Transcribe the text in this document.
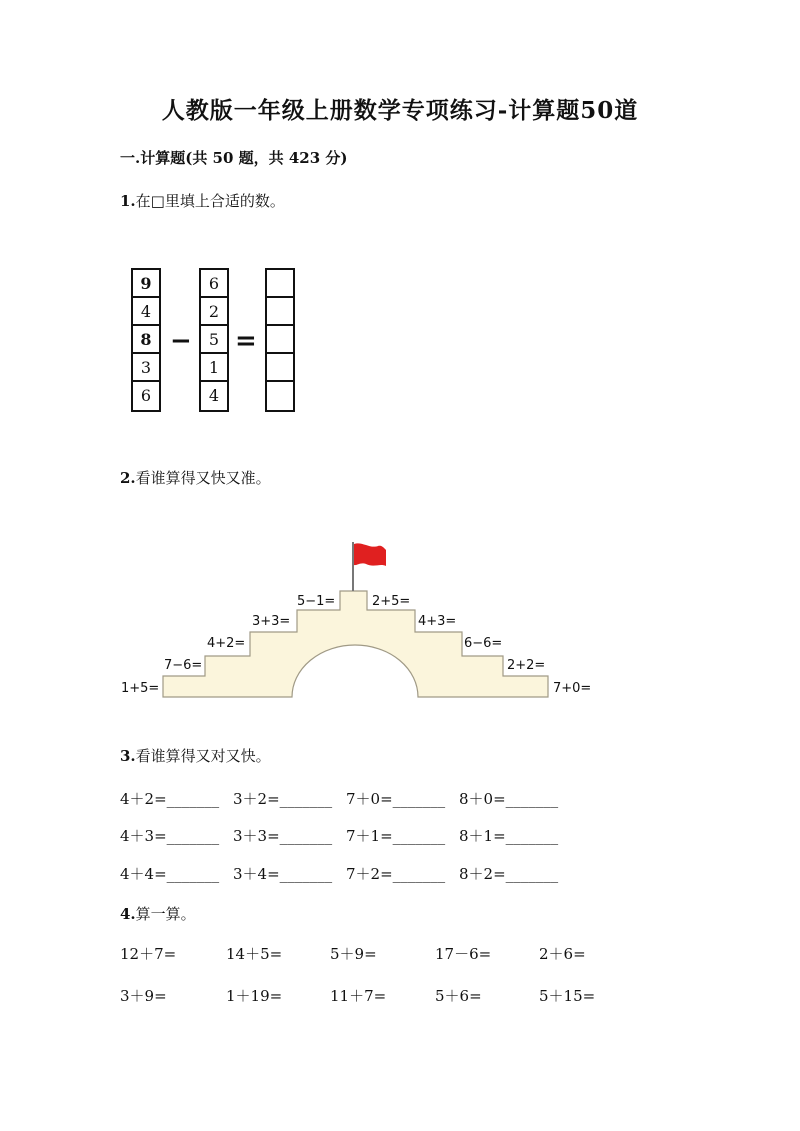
人教版一年级上册数学专项练习-计算题50道
一.计算题(共 50 题，共 423 分)
1.在□里填上合适的数。
9
4
8
3
6
−
6
2
5
1
4
=
2.看谁算得又快又准。
1+5=
7−6=
4+2=
3+3=
5−1=	2+5=
4+3=
6−6=
2+2=
7+0=
3.看谁算得又对又快。
4＋2=_______ 3＋2=_______ 7＋0=_______ 8＋0=_______
4＋3=_______ 3＋3=_______ 7＋1=_______ 8＋1=_______
4＋4=_______ 3＋4=_______ 7＋2=_______ 8＋2=_______
4.算一算。
12＋7=	14＋5=	5＋9=	17－6=	2＋6=
3＋9=	1＋19=	11＋7=	5＋6=	5＋15=
